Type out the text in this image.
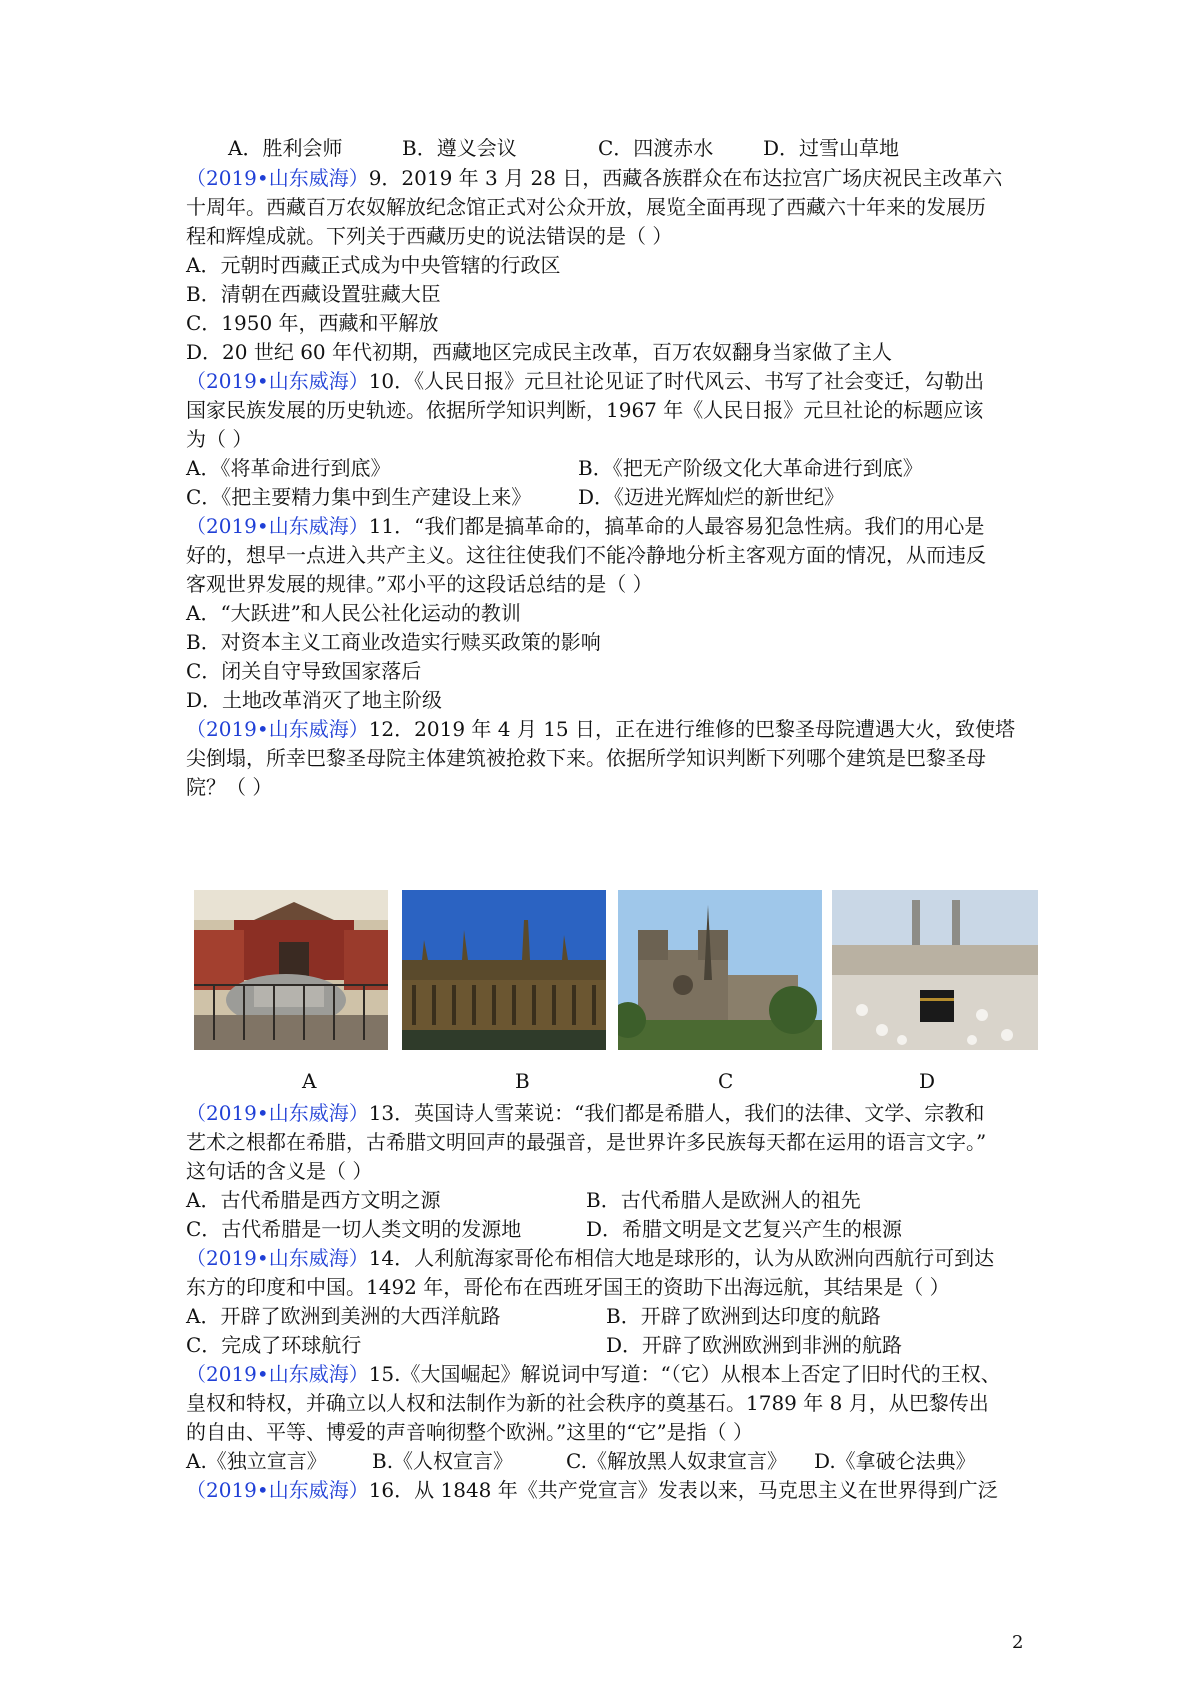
A．胜利会师	B．遵义会议	C．四渡赤水 D．过雪山草地
（2019•山东威海）9．2019 年 3 月 28 日，西藏各族群众在布达拉宫广场庆祝民主改革六
十周年。西藏百万农奴解放纪念馆正式对公众开放，展览全面再现了西藏六十年来的发展历
程和辉煌成就。下列关于西藏历史的说法错误的是（ ）
A．元朝时西藏正式成为中央管辖的行政区
B．清朝在西藏设置驻藏大臣
C．1950 年，西藏和平解放
D．20 世纪 60 年代初期，西藏地区完成民主改革，百万农奴翻身当家做了主人
（2019•山东威海）10．《人民日报》元旦社论见证了时代风云、书写了社会变迁，勾勒出
国家民族发展的历史轨迹。依据所学知识判断，1967 年《人民日报》元旦社论的标题应该
为（ ）
A．《将革命进行到底》	B．《把无产阶级文化大革命进行到底》
C．《把主要精力集中到生产建设上来》 D．《迈进光辉灿烂的新世纪》
（2019•山东威海）11．“我们都是搞革命的，搞革命的人最容易犯急性病。我们的用心是
好的，想早一点进入共产主义。这往往使我们不能冷静地分析主客观方面的情况，从而违反
客观世界发展的规律。”邓小平的这段话总结的是（ ）
A．“大跃进”和人民公社化运动的教训
B．对资本主义工商业改造实行赎买政策的影响
C．闭关自守导致国家落后
D．土地改革消灭了地主阶级
（2019•山东威海）12．2019 年 4 月 15 日，正在进行维修的巴黎圣母院遭遇大火，致使塔
尖倒塌，所幸巴黎圣母院主体建筑被抢救下来。依据所学知识判断下列哪个建筑是巴黎圣母
院？（ ）
A	B	C	D
（2019•山东威海）13．英国诗人雪莱说：“我们都是希腊人，我们的法律、文学、宗教和
艺术之根都在希腊，古希腊文明回声的最强音，是世界许多民族每天都在运用的语言文字。”
这句话的含义是（ ）
A．古代希腊是西方文明之源	B．古代希腊人是欧洲人的祖先
C．古代希腊是一切人类文明的发源地	D．希腊文明是文艺复兴产生的根源
（2019•山东威海）14．人利航海家哥伦布相信大地是球形的，认为从欧洲向西航行可到达
东方的印度和中国。1492 年，哥伦布在西班牙国王的资助下出海远航，其结果是（ ）
A．开辟了欧洲到美洲的大西洋航路	B．开辟了欧洲到达印度的航路
C．完成了环球航行	D．开辟了欧洲欧洲到非洲的航路
（2019•山东威海）15.《大国崛起》解说词中写道：“（它）从根本上否定了旧时代的王权、
皇权和特权，并确立以人权和法制作为新的社会秩序的奠基石。1789 年 8 月，从巴黎传出
的自由、平等、博爱的声音响彻整个欧洲。”这里的“它”是指（ ）
A.《独立宣言》 B.《人权宣言》	C.《解放黑人奴隶宣言》 D.《拿破仑法典》
（2019•山东威海）16．从 1848 年《共产党宣言》发表以来，马克思主义在世界得到广泛
2
